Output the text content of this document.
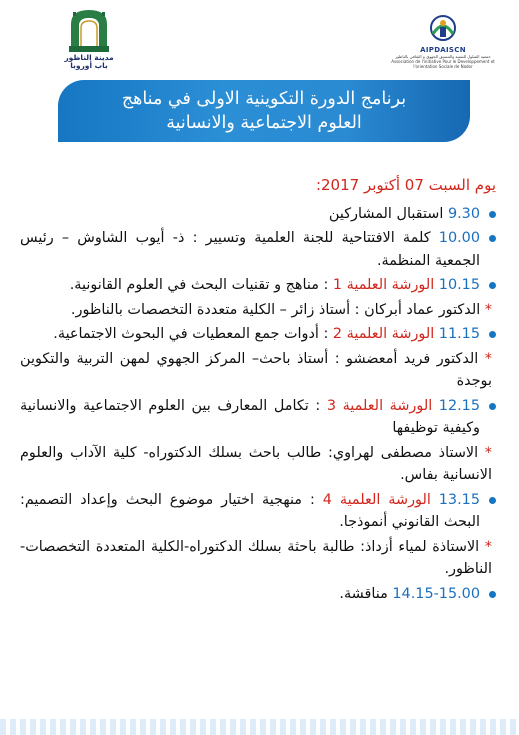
مدينة الناظور
باب أوروبا
AIPDAISCN
جمعية الشلول للتنمية والتنسيق الجهوي و الثقافي بالناظور
Association de l'initiative Pour le Developpement et l'orientation Sociale de Nador
برنامج الدورة التكوينية الاولى في مناهج
العلوم الاجتماعية والانسانية
يوم السبت 07 أكتوبر 2017:
9.30 استقبال المشاركين
10.00 كلمة الافتتاحية للجنة العلمية وتسيير : ذ- أيوب الشاوش – رئيس الجمعية المنظمة.
10.15 الورشة العلمية 1 : مناهج و تقنيات البحث في العلوم القانونية.
* الدكتور عماد أبركان : أستاذ زائر – الكلية متعددة التخصصات بالناظور.
11.15 الورشة العلمية 2 : أدوات جمع المعطيات في البحوث الاجتماعية.
* الدكتور فريد أمعضشو : أستاذ باحث– المركز الجهوي لمهن التربية والتكوين بوجدة
12.15 الورشة العلمية 3 : تكامل المعارف بين العلوم الاجتماعية والانسانية وكيفية توظيفها
* الاستاذ مصطفى لهراوي: طالب باحث بسلك الدكتوراه- كلية الآداب والعلوم الانسانية بفاس.
13.15 الورشة العلمية 4 : منهجية اختيار موضوع البحث وإعداد التصميم: البحث القانوني أنموذجا.
* الاستاذة لمياء أزداذ: طالبة باحثة بسلك الدكتوراه-الكلية المتعددة التخصصات-الناظور.
14.15-15.00 مناقشة.
